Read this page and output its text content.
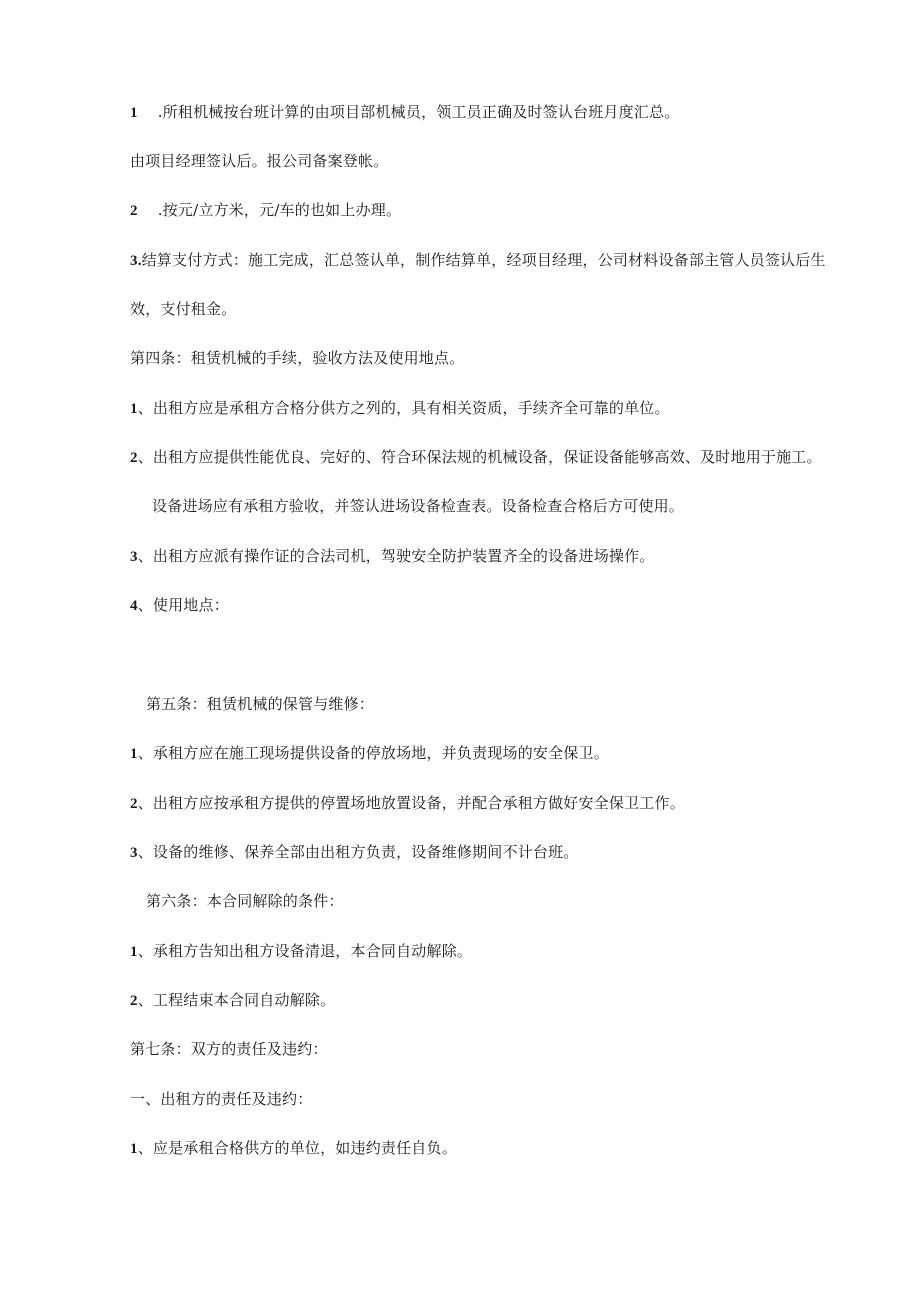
1 .所租机械按台班计算的由项目部机械员，领工员正确及时签认台班月度汇总。
由项目经理签认后。报公司备案登帐。
2 .按元/立方米，元/车的也如上办理。
3.结算支付方式：施工完成，汇总签认单，制作结算单，经项目经理，公司材料设备部主管人员签认后生
效，支付租金。
第四条：租赁机械的手续，验收方法及使用地点。
1、出租方应是承租方合格分供方之列的，具有相关资质，手续齐全可靠的单位。
2、出租方应提供性能优良、完好的、符合环保法规的机械设备，保证设备能够高效、及时地用于施工。
设备进场应有承租方验收，并签认进场设备检查表。设备检查合格后方可使用。
3、出租方应派有操作证的合法司机，驾驶安全防护装置齐全的设备进场操作。
4、使用地点：
第五条：租赁机械的保管与维修：
1、承租方应在施工现场提供设备的停放场地，并负责现场的安全保卫。
2、出租方应按承租方提供的停置场地放置设备，并配合承租方做好安全保卫工作。
3、设备的维修、保养全部由出租方负责，设备维修期间不计台班。
第六条：本合同解除的条件：
1、承租方告知出租方设备清退，本合同自动解除。
2、工程结束本合同自动解除。
第七条：双方的责任及违约：
一、出租方的责任及违约：
1、应是承租合格供方的单位，如违约责任自负。
